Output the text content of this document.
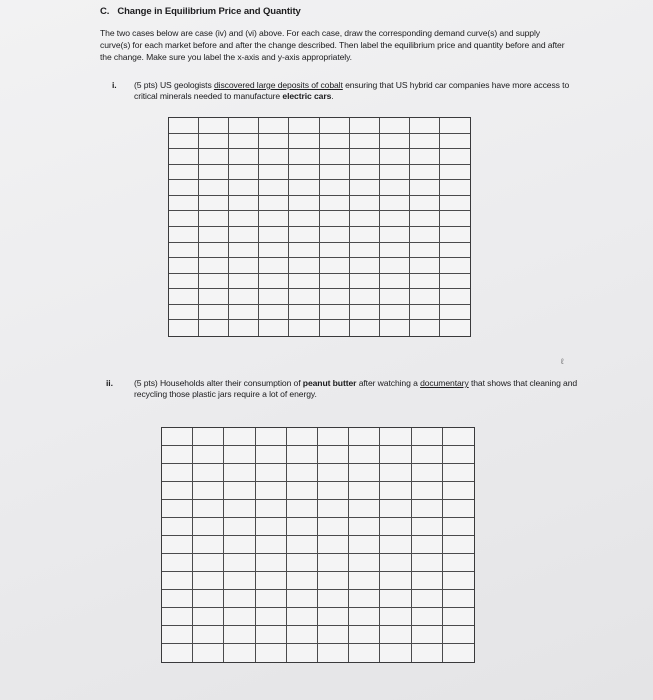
C. Change in Equilibrium Price and Quantity
The two cases below are case (iv) and (vi) above. For each case, draw the corresponding demand curve(s) and supply curve(s) for each market before and after the change described. Then label the equilibrium price and quantity before and after the change. Make sure you label the x-axis and y-axis appropriately.
i. (5 pts) US geologists discovered large deposits of cobalt ensuring that US hybrid car companies have more access to critical minerals needed to manufacture electric cars.
ℓ
ii. (5 pts) Households alter their consumption of peanut butter after watching a documentary that shows that cleaning and recycling those plastic jars require a lot of energy.
